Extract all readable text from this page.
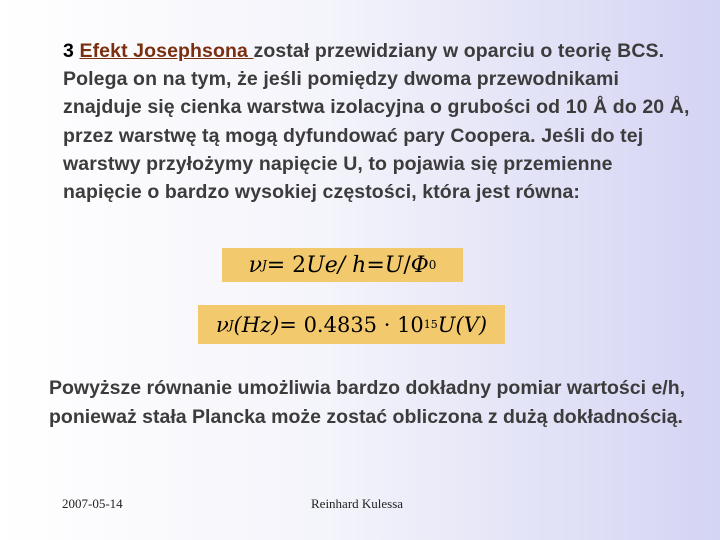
3 Efekt Josephsona został przewidziany w oparciu o teorię BCS. Polega on na tym, że jeśli pomiędzy dwoma przewodnikami znajduje się cienka warstwa izolacyjna o grubości od 10 Å do 20 Å, przez warstwę tą mogą dyfundować pary Coopera. Jeśli do tej warstwy przyłożymy napięcie U, to pojawia się przemienne napięcie o bardzo wysokiej częstości, która jest równa:
ν J = 2 U e / h = U / Φ 0
ν J (Hz) = 0.4835 · 10 15 U (V)
Powyższe równanie umożliwia bardzo dokładny pomiar wartości e/h, ponieważ stała Plancka może zostać obliczona z dużą dokładnością.
2007-05-14	Reinhard Kulessa
